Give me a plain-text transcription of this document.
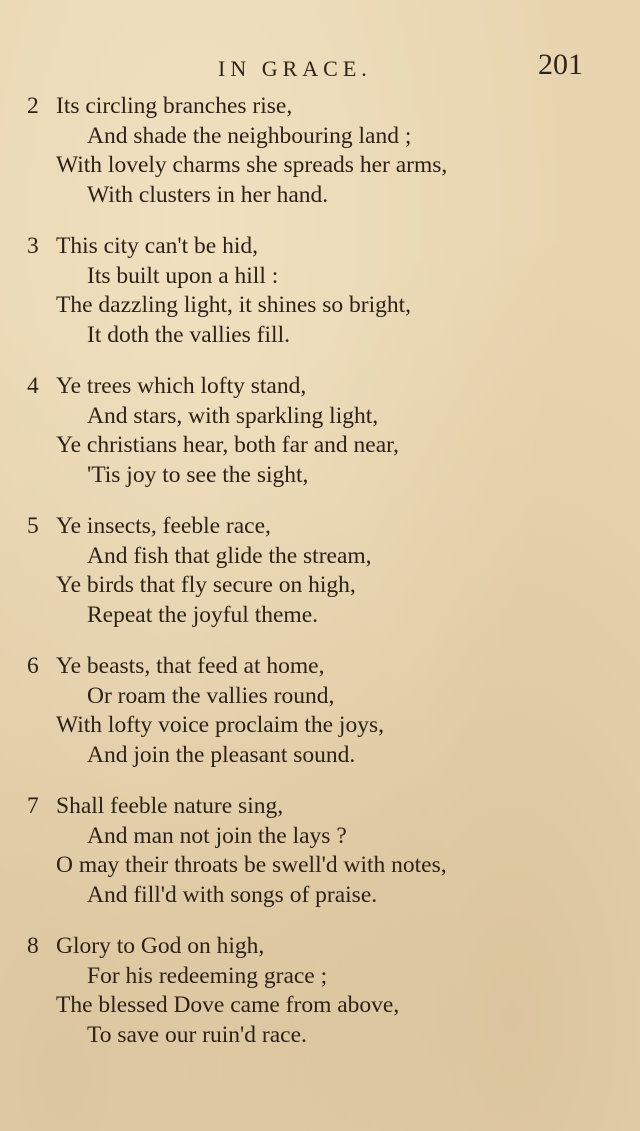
IN GRACE.	201
2 Its circling branches rise,
And shade the neighbouring land ;
With lovely charms she spreads her arms,
With clusters in her hand.
3 This city can't be hid,
Its built upon a hill :
The dazzling light, it shines so bright,
It doth the vallies fill.
4 Ye trees which lofty stand,
And stars, with sparkling light,
Ye christians hear, both far and near,
'Tis joy to see the sight,
5 Ye insects, feeble race,
And fish that glide the stream,
Ye birds that fly secure on high,
Repeat the joyful theme.
6 Ye beasts, that feed at home,
Or roam the vallies round,
With lofty voice proclaim the joys,
And join the pleasant sound.
7 Shall feeble nature sing,
And man not join the lays ?
O may their throats be swell'd with notes,
And fill'd with songs of praise.
8 Glory to God on high,
For his redeeming grace ;
The blessed Dove came from above,
To save our ruin'd race.
